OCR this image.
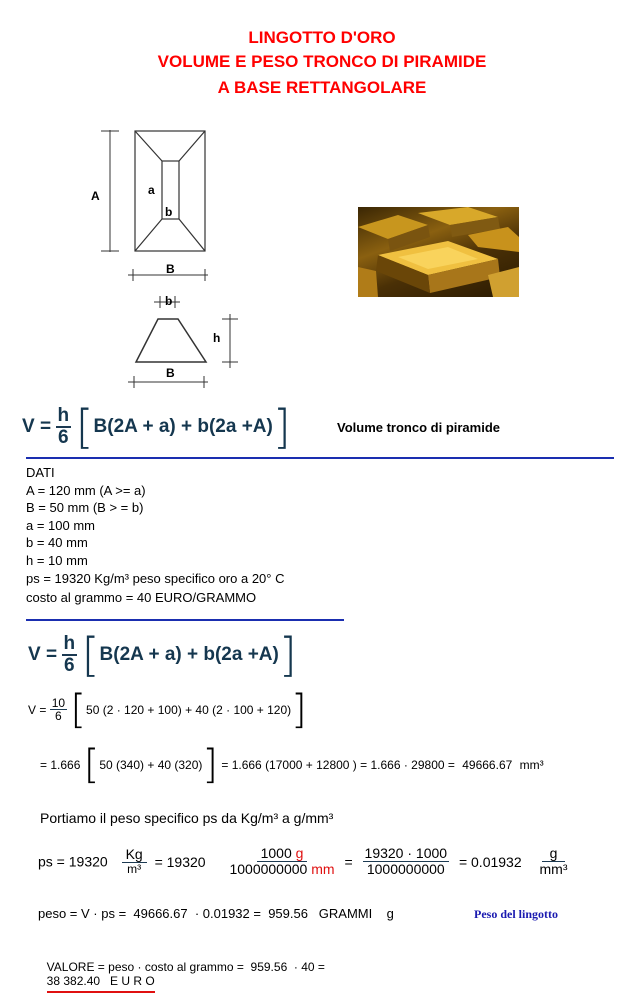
LINGOTTO D'ORO
VOLUME E PESO TRONCO DI PIRAMIDE
A BASE RETTANGOLARE
A	a
b
B
b
h
B
$V = \frac{h}{6} [B(2A + a) + b(2a +A)]$	Volume tronco di piramide
DATI
A = 120 mm (A >= a)
B = 50 mm (B > = b)
a = 100 mm
b = 40 mm
h = 10 mm
ps = 19320 Kg/m³ peso specifico oro a 20° C
costo al grammo = 40 EURO/GRAMMO
$V = \frac{h}{6} [B(2A + a) + b(2a +A)]$
$V = \frac{10}{6} [50$ (2 · 120 + 100) + 40 (2 · 100 + 120)]
= 1.666 [50 (340) + 40 (320)] = 1.666 (17000 + 12800 ) = 1.666 · 29800 = 49666.67 mm³
Portiamo il peso specifico ps da Kg/m³ a g/mm³
ps = $19320 \frac{Kg}{\text{m³}} = 19320 \frac{1000 g}{1000000000 mm} = \frac{19320 \cdot 1000}{1000000000} = 0.01932 \frac{g}{\text{mm³}}$
peso = V · ps =  49666.67  · 0.01932 =  959.56   GRAMMI    g	Peso del lingotto

VALORE = peso · costo al grammo =  959.56  · 40 =
38 382.40   E U R O
